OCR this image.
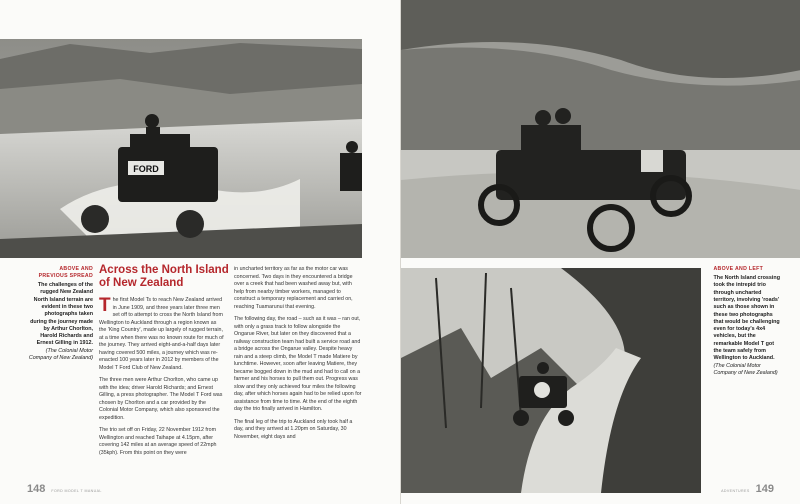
FORD
ABOVE AND
PREVIOUS SPREAD
The challenges of the rugged New Zealand North Island terrain are evident in these two photographs taken during the journey made by Arthur Chorlton, Harold Richards and Ernest Gilling in 1912. (The Colonial Motor Company of New Zealand)
Across the North Island of New Zealand

The first Model Ts to reach New Zealand arrived in June 1909, and three years later three men set off to attempt to cross the North Island from Wellington to Auckland through a region known as the 'King Country', made up largely of rugged terrain, at a time when there was no known route for much of the journey. They arrived eight-and-a-half days later having covered 500 miles, a journey which was re-enacted 100 years later in 2012 by members of the Model T Ford Club of New Zealand.

The three men were Arthur Chorlton, who came up with the idea; driver Harold Richards; and Ernest Gilling, a press photographer. The Model T Ford was chosen by Chorlton and a car provided by the Colonial Motor Company, which also sponsored the expedition.

The trio set off on Friday, 22 November 1912 from Wellington and reached Taihape at 4.15pm, after covering 142 miles at an average speed of 22mph (35kph). From this point on they were

in uncharted territory as far as the motor car was concerned. Two days in they encountered a bridge over a creek that had been washed away but, with help from nearby timber workers, managed to construct a temporary replacement and carried on, reaching Tuamarunui that evening.

The following day, the road – such as it was – ran out, with only a grass track to follow alongside the Ongarue River, but later on they discovered that a railway construction team had built a service road and a bridge across the Ongarue valley. Despite heavy rain and a steep climb, the Model T made Matiere by lunchtime. However, soon after leaving Matiere, they became bogged down in the mud and had to call on a farmer and his horses to pull them out. Progress was slow and they only achieved four miles the following day, after which horses again had to be relied upon for assistance from time to time. At the end of the eighth day the trio finally arrived in Hamilton.

The final leg of the trip to Auckland only took half a day, and they arrived at 1.20pm on Saturday, 30 November, eight days and

148 FORD MODEL T MANUAL
ABOVE AND LEFT
The North Island crossing took the intrepid trio through uncharted territory, involving 'roads' such as those shown in these two photographs that would be challenging even for today's 4x4 vehicles, but the remarkable Model T got the team safely from Wellington to Auckland. (The Colonial Motor Company of New Zealand)
ADVENTURES 149
